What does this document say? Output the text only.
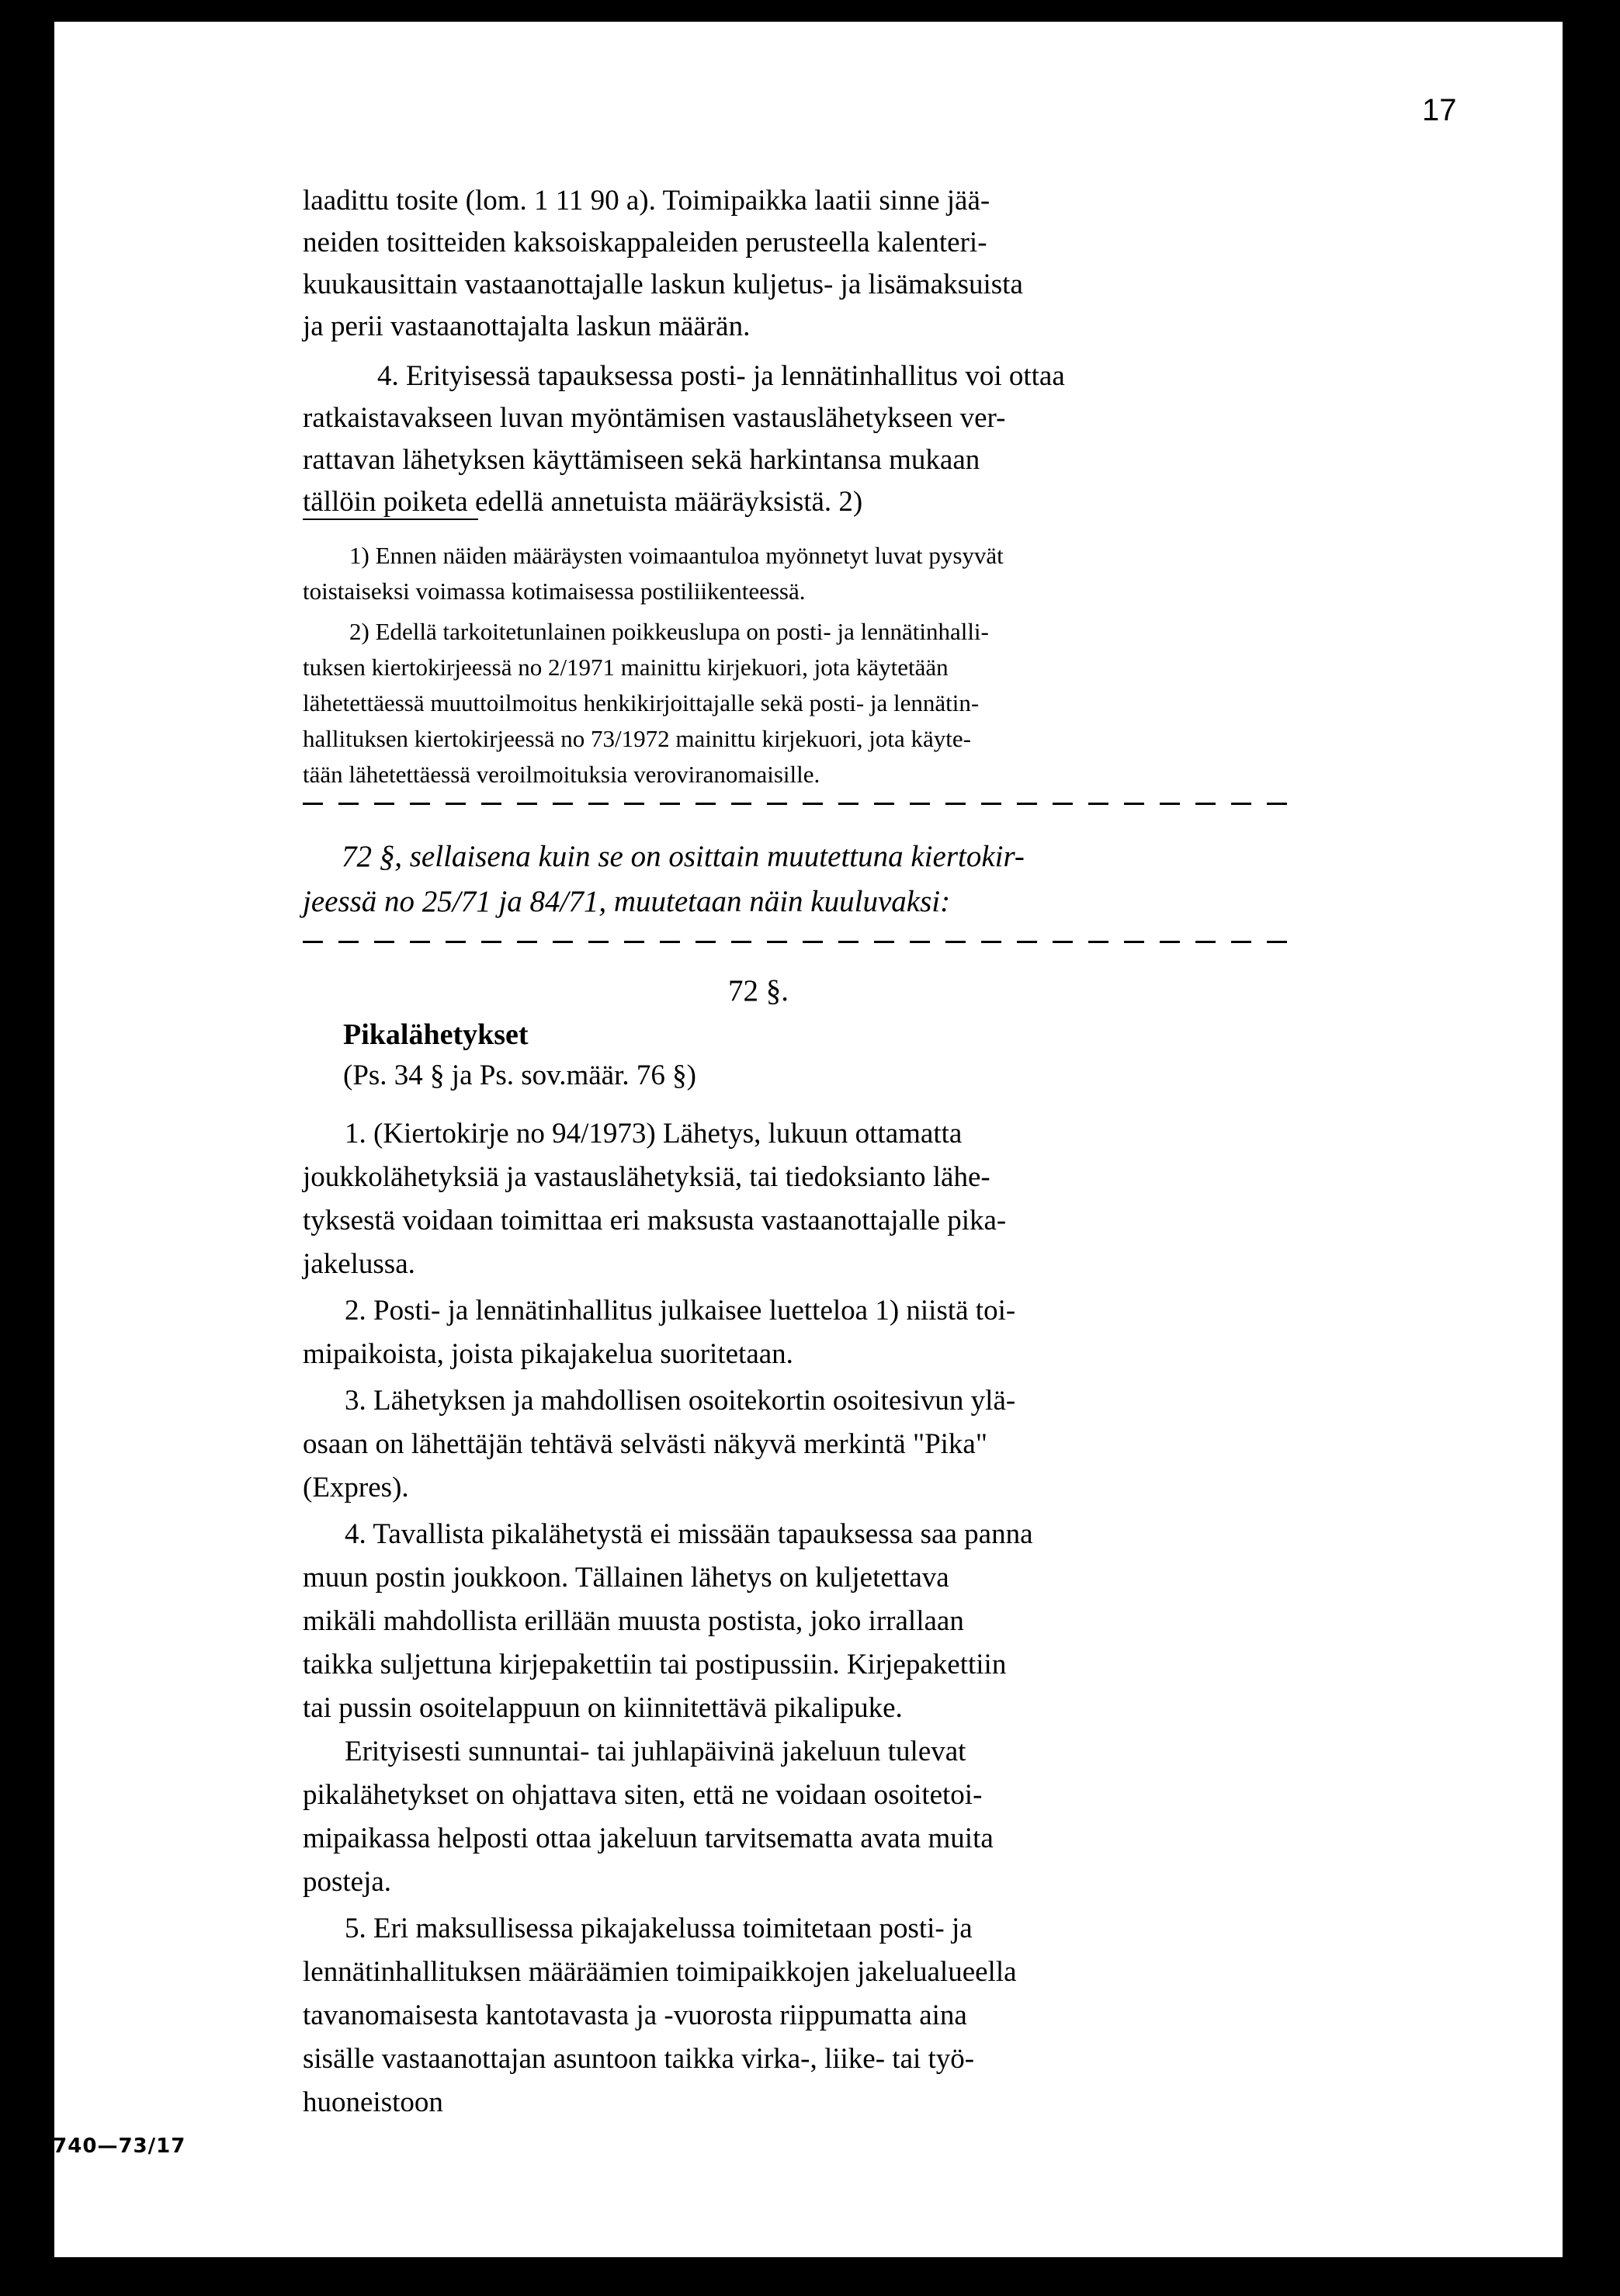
17
laadittu tosite (lom. 1 11 90 a). Toimipaikka laatii sinne jää-
neiden tositteiden kaksoiskappaleiden perusteella kalenteri-
kuukausittain vastaanottajalle laskun kuljetus- ja lisämaksuista
ja perii vastaanottajalta laskun määrän.
4. Erityisessä tapauksessa posti- ja lennätinhallitus voi ottaa
ratkaistavakseen luvan myöntämisen vastauslähetykseen ver-
rattavan lähetyksen käyttämiseen sekä harkintansa mukaan
tällöin poiketa edellä annetuista määräyksistä. 2)
1) Ennen näiden määräysten voimaantuloa myönnetyt luvat pysyvät
toistaiseksi voimassa kotimaisessa postiliikenteessä.
2) Edellä tarkoitetunlainen poikkeuslupa on posti- ja lennätinhalli-
tuksen kiertokirjeessä no 2/1971 mainittu kirjekuori, jota käytetään
lähetettäessä muuttoilmoitus henkikirjoittajalle sekä posti- ja lennätin-
hallituksen kiertokirjeessä no 73/1972 mainittu kirjekuori, jota käyte-
tään lähetettäessä veroilmoituksia veroviranomaisille.
72 §, sellaisena kuin se on osittain muutettuna kiertokir-
jeessä no 25/71 ja 84/71, muutetaan näin kuuluvaksi:
72 §.
Pikalähetykset
(Ps. 34 § ja Ps. sov.määr. 76 §)
1. (Kiertokirje no 94/1973) Lähetys, lukuun ottamatta
joukkolähetyksiä ja vastauslähetyksiä, tai tiedoksianto lähe-
tyksestä voidaan toimittaa eri maksusta vastaanottajalle pika-
jakelussa.
2. Posti- ja lennätinhallitus julkaisee luetteloa 1) niistä toi-
mipaikoista, joista pikajakelua suoritetaan.
3. Lähetyksen ja mahdollisen osoitekortin osoitesivun ylä-
osaan on lähettäjän tehtävä selvästi näkyvä merkintä "Pika"
(Expres).
4. Tavallista pikalähetystä ei missään tapauksessa saa panna
muun postin joukkoon. Tällainen lähetys on kuljetettava
mikäli mahdollista erillään muusta postista, joko irrallaan
taikka suljettuna kirjepakettiin tai postipussiin. Kirjepakettiin
tai pussin osoitelappuun on kiinnitettävä pikalipuke.
Erityisesti sunnuntai- tai juhlapäivinä jakeluun tulevat
pikalähetykset on ohjattava siten, että ne voidaan osoitetoi-
mipaikassa helposti ottaa jakeluun tarvitsematta avata muita
posteja.
5. Eri maksullisessa pikajakelussa toimitetaan posti- ja
lennätinhallituksen määräämien toimipaikkojen jakelualueella
tavanomaisesta kantotavasta ja -vuorosta riippumatta aina
sisälle vastaanottajan asuntoon taikka virka-, liike- tai työ-
huoneistoon
14740—73/17
